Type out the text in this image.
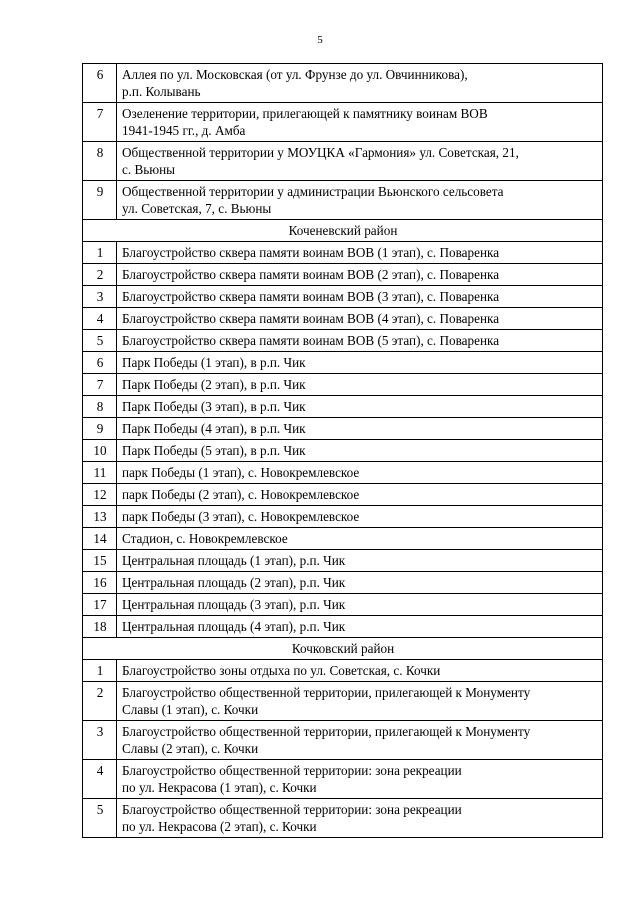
5
6	Аллея по ул. Московская (от ул. Фрунзе до ул. Овчинникова),
р.п. Колывань

7	Озеленение территории, прилегающей к памятнику воинам ВОВ
1941-1945 гг., д. Амба

8	Общественной территории у МОУЦКА «Гармония» ул. Советская, 21,
с. Вьюны

9	Общественной территории у администрации Вьюнского сельсовета
ул. Советская, 7, с. Вьюны

Коченевский район	
1	Благоустройство сквера памяти воинам ВОВ (1 этап), с. Поваренка

2	Благоустройство сквера памяти воинам ВОВ (2 этап), с. Поваренка

3	Благоустройство сквера памяти воинам ВОВ (3 этап), с. Поваренка

4	Благоустройство сквера памяти воинам ВОВ (4 этап), с. Поваренка

5	Благоустройство сквера памяти воинам ВОВ (5 этап), с. Поваренка

6	Парк Победы (1 этап), в р.п. Чик

7	Парк Победы (2 этап), в р.п. Чик

8	Парк Победы (3 этап), в р.п. Чик

9	Парк Победы (4 этап), в р.п. Чик

10	Парк Победы (5 этап), в р.п. Чик

11	парк Победы (1 этап), с. Новокремлевское

12	парк Победы (2 этап), с. Новокремлевское

13	парк Победы (3 этап), с. Новокремлевское

14	Стадион, с. Новокремлевское

15	Центральная площадь (1 этап), р.п. Чик

16	Центральная площадь (2 этап), р.п. Чик

17	Центральная площадь (3 этап), р.п. Чик

18	Центральная площадь (4 этап), р.п. Чик

Кочковский район	
1	Благоустройство зоны отдыха по ул. Советская, с. Кочки

2	Благоустройство общественной территории, прилегающей к Монументу
Славы (1 этап), с. Кочки

3	Благоустройство общественной территории, прилегающей к Монументу
Славы (2 этап), с. Кочки

4	Благоустройство общественной территории: зона рекреации
по ул. Некрасова (1 этап), с. Кочки

5	Благоустройство общественной территории: зона рекреации
по ул. Некрасова (2 этап), с. Кочки
